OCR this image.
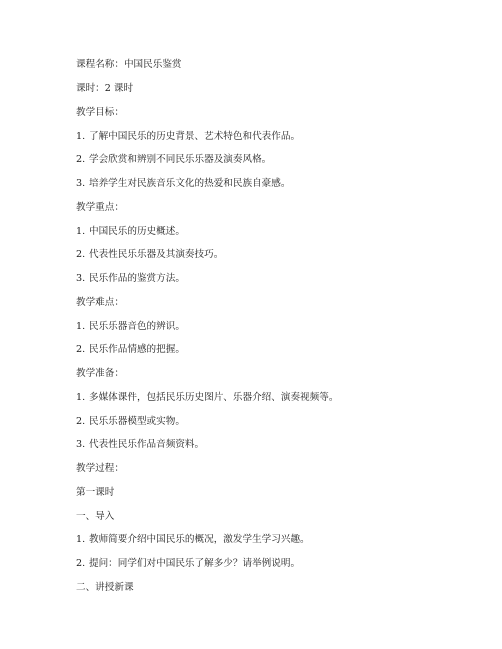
课程名称：中国民乐鉴赏
课时：2 课时
教学目标：
1. 了解中国民乐的历史背景、艺术特色和代表作品。
2. 学会欣赏和辨别不同民乐乐器及演奏风格。
3. 培养学生对民族音乐文化的热爱和民族自豪感。
教学重点：
1. 中国民乐的历史概述。
2. 代表性民乐乐器及其演奏技巧。
3. 民乐作品的鉴赏方法。
教学难点：
1. 民乐乐器音色的辨识。
2. 民乐作品情感的把握。
教学准备：
1. 多媒体课件，包括民乐历史图片、乐器介绍、演奏视频等。
2. 民乐乐器模型或实物。
3. 代表性民乐作品音频资料。
教学过程：
第一课时
一、导入
1. 教师简要介绍中国民乐的概况，激发学生学习兴趣。
2. 提问：同学们对中国民乐了解多少？请举例说明。
二、讲授新课
